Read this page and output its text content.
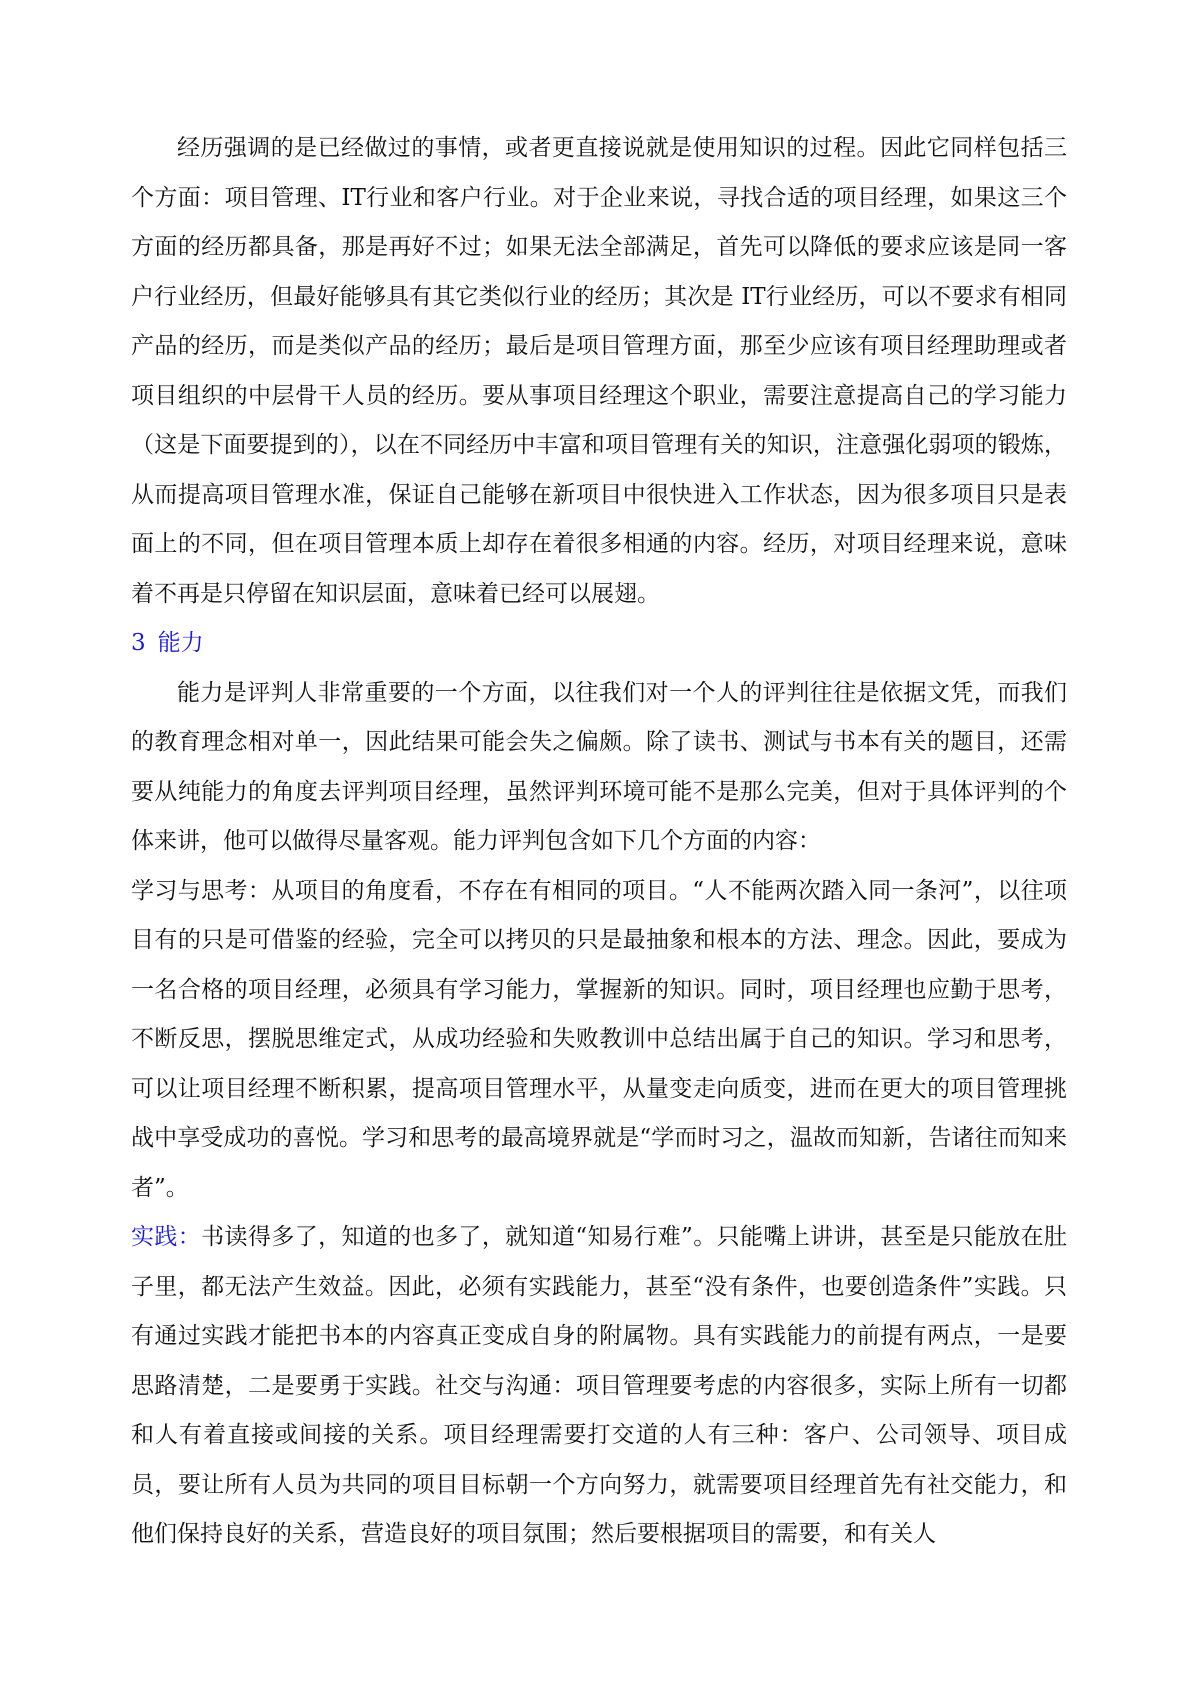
经历强调的是已经做过的事情，或者更直接说就是使用知识的过程。因此它同样包括三个方面：项目管理、IT行业和客户行业。对于企业来说，寻找合适的项目经理，如果这三个方面的经历都具备，那是再好不过；如果无法全部满足，首先可以降低的要求应该是同一客户行业经历，但最好能够具有其它类似行业的经历；其次是 IT行业经历，可以不要求有相同产品的经历，而是类似产品的经历；最后是项目管理方面，那至少应该有项目经理助理或者项目组织的中层骨干人员的经历。要从事项目经理这个职业，需要注意提高自己的学习能力（这是下面要提到的），以在不同经历中丰富和项目管理有关的知识，注意强化弱项的锻炼，从而提高项目管理水准，保证自己能够在新项目中很快进入工作状态，因为很多项目只是表面上的不同，但在项目管理本质上却存在着很多相通的内容。经历，对项目经理来说，意味着不再是只停留在知识层面，意味着已经可以展翅。

3 能力

能力是评判人非常重要的一个方面，以往我们对一个人的评判往往是依据文凭，而我们的教育理念相对单一，因此结果可能会失之偏颇。除了读书、测试与书本有关的题目，还需要从纯能力的角度去评判项目经理，虽然评判环境可能不是那么完美，但对于具体评判的个体来讲，他可以做得尽量客观。能力评判包含如下几个方面的内容：

学习与思考：从项目的角度看，不存在有相同的项目。“人不能两次踏入同一条河”，以往项目有的只是可借鉴的经验，完全可以拷贝的只是最抽象和根本的方法、理念。因此，要成为一名合格的项目经理，必须具有学习能力，掌握新的知识。同时，项目经理也应勤于思考，不断反思，摆脱思维定式，从成功经验和失败教训中总结出属于自己的知识。学习和思考，可以让项目经理不断积累，提高项目管理水平，从量变走向质变，进而在更大的项目管理挑战中享受成功的喜悦。学习和思考的最高境界就是“学而时习之，温故而知新，告诸往而知来者”。

实践：书读得多了，知道的也多了，就知道“知易行难”。只能嘴上讲讲，甚至是只能放在肚子里，都无法产生效益。因此，必须有实践能力，甚至“没有条件，也要创造条件”实践。只有通过实践才能把书本的内容真正变成自身的附属物。具有实践能力的前提有两点，一是要思路清楚，二是要勇于实践。社交与沟通：项目管理要考虑的内容很多，实际上所有一切都和人有着直接或间接的关系。项目经理需要打交道的人有三种：客户、公司领导、项目成员，要让所有人员为共同的项目目标朝一个方向努力，就需要项目经理首先有社交能力，和他们保持良好的关系，营造良好的项目氛围；然后要根据项目的需要，和有关人
